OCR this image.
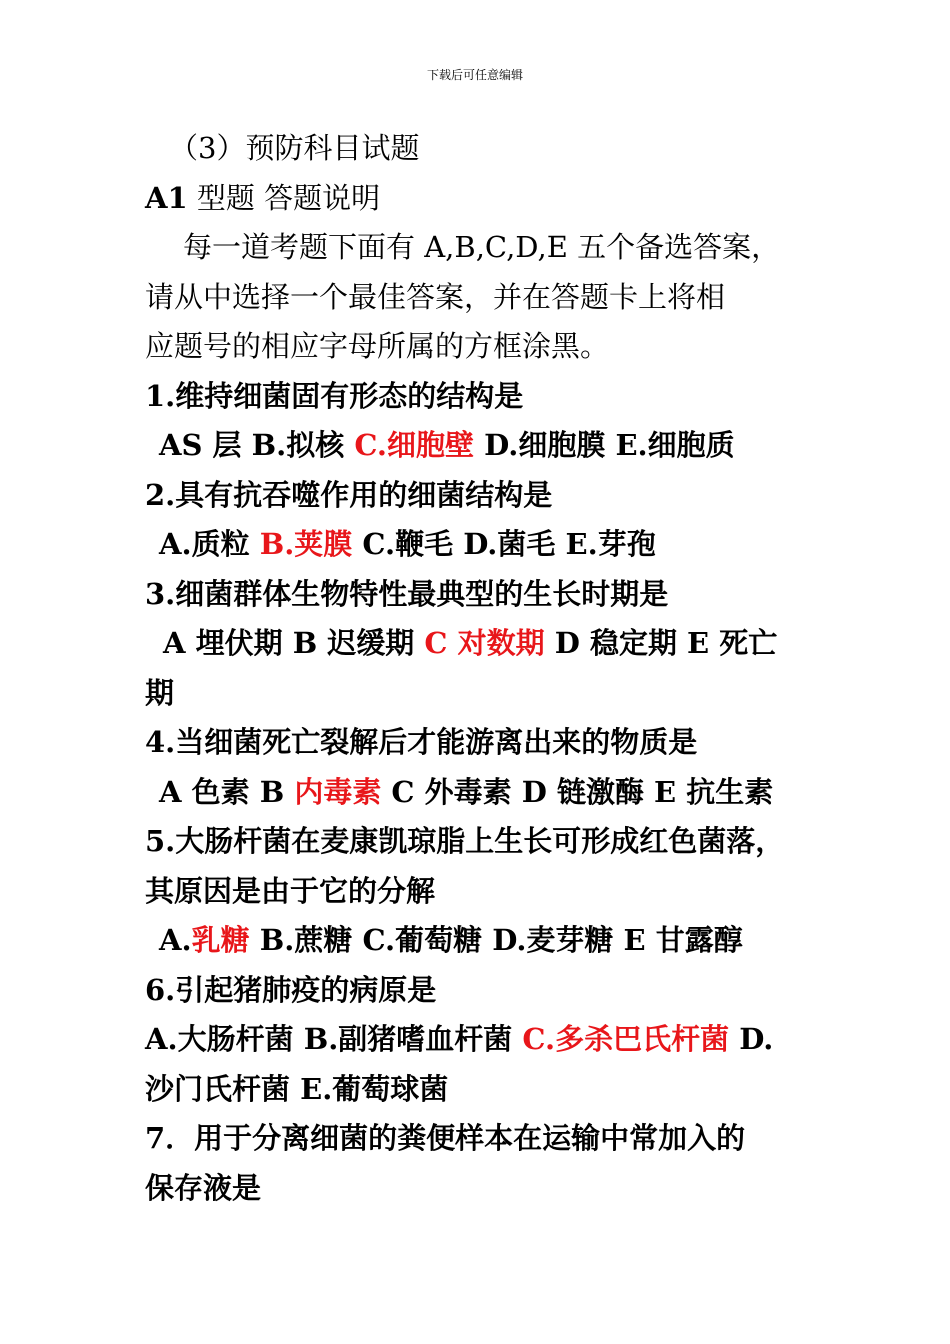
下载后可任意编辑
（3）预防科目试题
A1 型题 答题说明
每一道考题下面有 A,B,C,D,E 五个备选答案，
请从中选择一个最佳答案，并在答题卡上将相
应题号的相应字母所属的方框涂黑。
1.维持细菌固有形态的结构是
AS 层 B.拟核 C.细胞壁 D.细胞膜 E.细胞质
2.具有抗吞噬作用的细菌结构是
A.质粒 B.荚膜 C.鞭毛 D.菌毛 E.芽孢
3.细菌群体生物特性最典型的生长时期是
A 埋伏期 B 迟缓期 C 对数期 D 稳定期 E 死亡
期
4.当细菌死亡裂解后才能游离出来的物质是
A 色素 B 内毒素 C 外毒素 D 链激酶 E 抗生素
5.大肠杆菌在麦康凯琼脂上生长可形成红色菌落，
其原因是由于它的分解
A.乳糖 B.蔗糖 C.葡萄糖 D.麦芽糖 E 甘露醇
6.引起猪肺疫的病原是
A.大肠杆菌 B.副猪嗜血杆菌 C.多杀巴氏杆菌 D.
沙门氏杆菌 E.葡萄球菌
7．用于分离细菌的粪便样本在运输中常加入的
保存液是
